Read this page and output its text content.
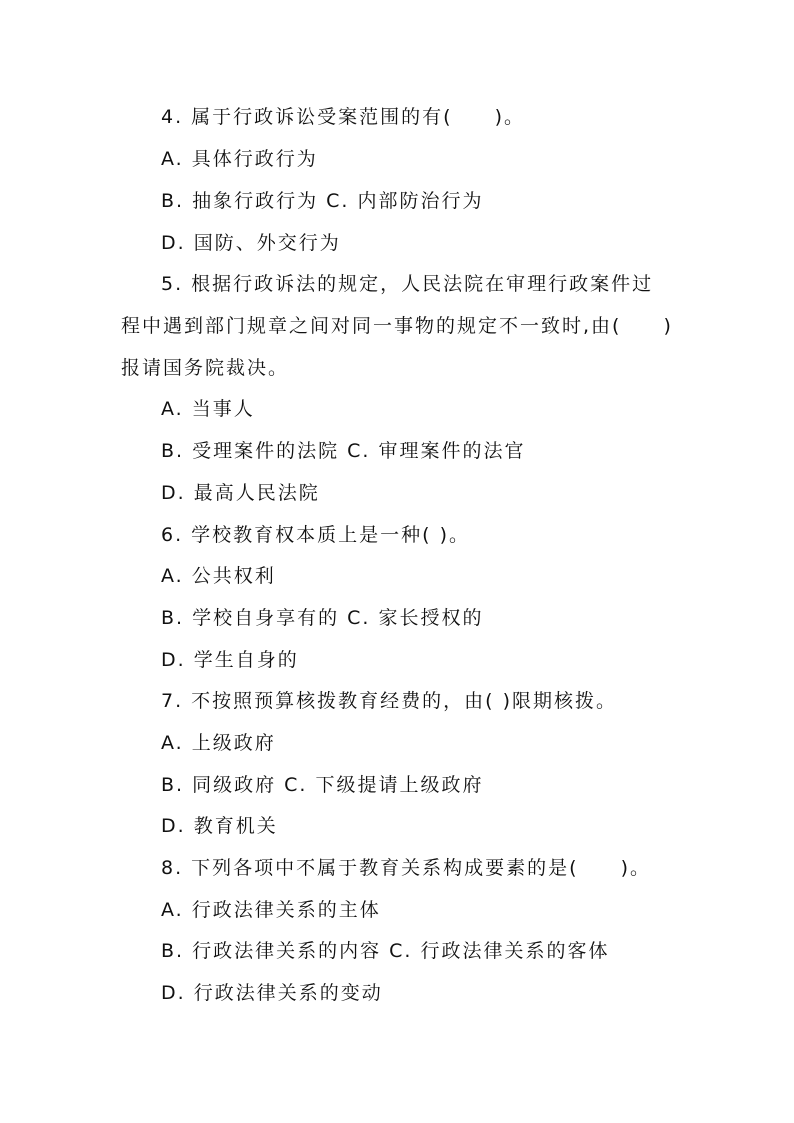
4. 属于行政诉讼受案范围的有(　　)。
A. 具体行政行为
B. 抽象行政行为 C. 内部防治行为
D. 国防、外交行为
5. 根据行政诉法的规定，人民法院在审理行政案件过
程中遇到部门规章之间对同一事物的规定不一致时,由(　　)
报请国务院裁决。
A. 当事人
B. 受理案件的法院 C. 审理案件的法官
D. 最高人民法院
6. 学校教育权本质上是一种( )。
A. 公共权利
B. 学校自身享有的 C. 家长授权的
D. 学生自身的
7. 不按照预算核拨教育经费的，由( )限期核拨。
A. 上级政府
B. 同级政府 C. 下级提请上级政府
D. 教育机关
8. 下列各项中不属于教育关系构成要素的是(　　)。
A. 行政法律关系的主体
B. 行政法律关系的内容 C. 行政法律关系的客体
D. 行政法律关系的变动
